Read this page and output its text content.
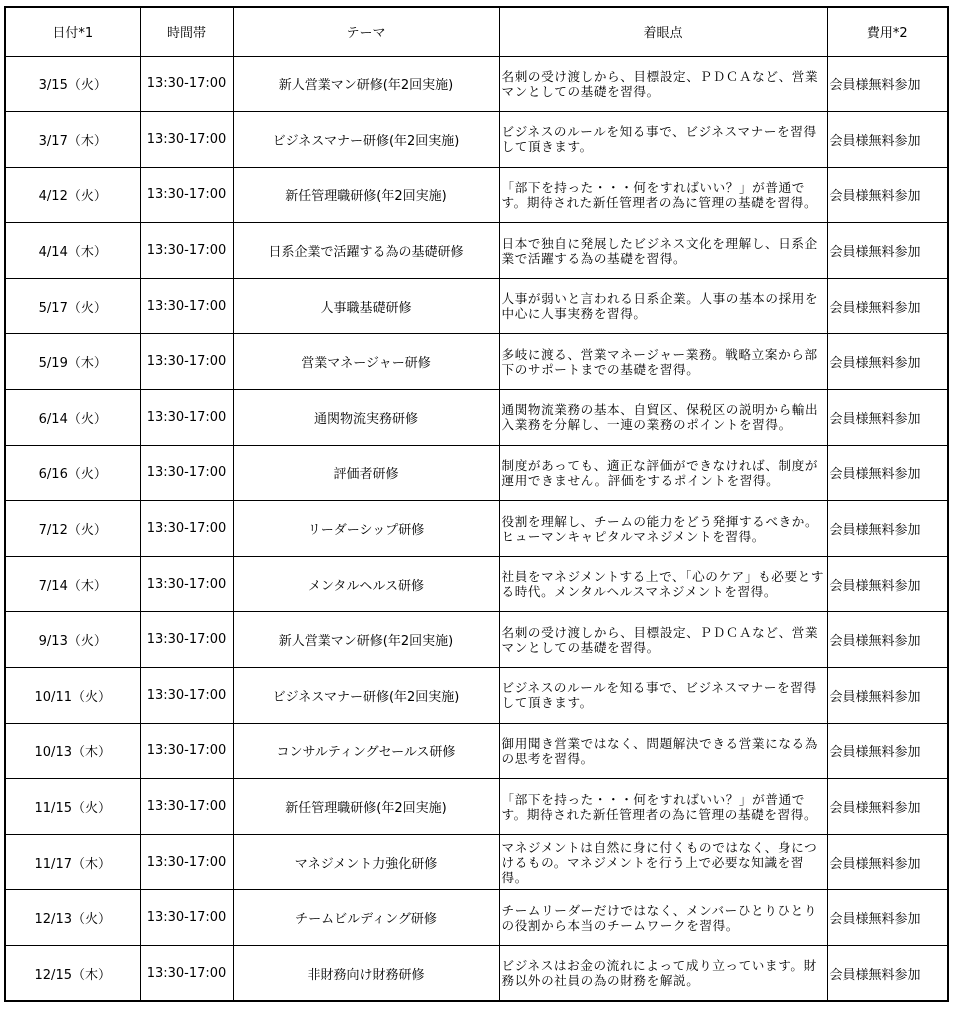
日付*1	時間帯	テーマ	着眼点	費用*2
3/15（火）	13:30-17:00	新人営業マン研修(年2回実施)	名刺の受け渡しから、目標設定、ＰＤＣＡなど、営業マンとしての基礎を習得。	会員様無料参加
3/17（木）	13:30-17:00	ビジネスマナー研修(年2回実施)	ビジネスのルールを知る事で、ビジネスマナーを習得して頂きます。	会員様無料参加
4/12（火）	13:30-17:00	新任管理職研修(年2回実施)	「部下を持った・・・何をすればいい？」が普通です。期待された新任管理者の為に管理の基礎を習得。	会員様無料参加
4/14（木）	13:30-17:00	日系企業で活躍する為の基礎研修	日本で独自に発展したビジネス文化を理解し、日系企業で活躍する為の基礎を習得。	会員様無料参加
5/17（火）	13:30-17:00	人事職基礎研修	人事が弱いと言われる日系企業。人事の基本の採用を中心に人事実務を習得。	会員様無料参加
5/19（木）	13:30-17:00	営業マネージャー研修	多岐に渡る、営業マネージャー業務。戦略立案から部下のサポートまでの基礎を習得。	会員様無料参加
6/14（火）	13:30-17:00	通関物流実務研修	通関物流業務の基本、自貿区、保税区の説明から輸出入業務を分解し、一連の業務のポイントを習得。	会員様無料参加
6/16（火）	13:30-17:00	評価者研修	制度があっても、適正な評価ができなければ、制度が運用できません。評価をするポイントを習得。	会員様無料参加
7/12（火）	13:30-17:00	リーダーシップ研修	役割を理解し、チームの能力をどう発揮するべきか。ヒューマンキャピタルマネジメントを習得。	会員様無料参加
7/14（木）	13:30-17:00	メンタルヘルス研修	社員をマネジメントする上で、「心のケア」も必要とする時代。メンタルヘルスマネジメントを習得。	会員様無料参加
9/13（火）	13:30-17:00	新人営業マン研修(年2回実施)	名刺の受け渡しから、目標設定、ＰＤＣＡなど、営業マンとしての基礎を習得。	会員様無料参加
10/11（火）	13:30-17:00	ビジネスマナー研修(年2回実施)	ビジネスのルールを知る事で、ビジネスマナーを習得して頂きます。	会員様無料参加
10/13（木）	13:30-17:00	コンサルティングセールス研修	御用聞き営業ではなく、問題解決できる営業になる為の思考を習得。	会員様無料参加
11/15（火）	13:30-17:00	新任管理職研修(年2回実施)	「部下を持った・・・何をすればいい？」が普通です。期待された新任管理者の為に管理の基礎を習得。	会員様無料参加
11/17（木）	13:30-17:00	マネジメント力強化研修	マネジメントは自然に身に付くものではなく、身につけるもの。マネジメントを行う上で必要な知識を習得。	会員様無料参加
12/13（火）	13:30-17:00	チームビルディング研修	チームリーダーだけではなく、メンバーひとりひとりの役割から本当のチームワークを習得。	会員様無料参加
12/15（木）	13:30-17:00	非財務向け財務研修	ビジネスはお金の流れによって成り立っています。財務以外の社員の為の財務を解説。	会員様無料参加
